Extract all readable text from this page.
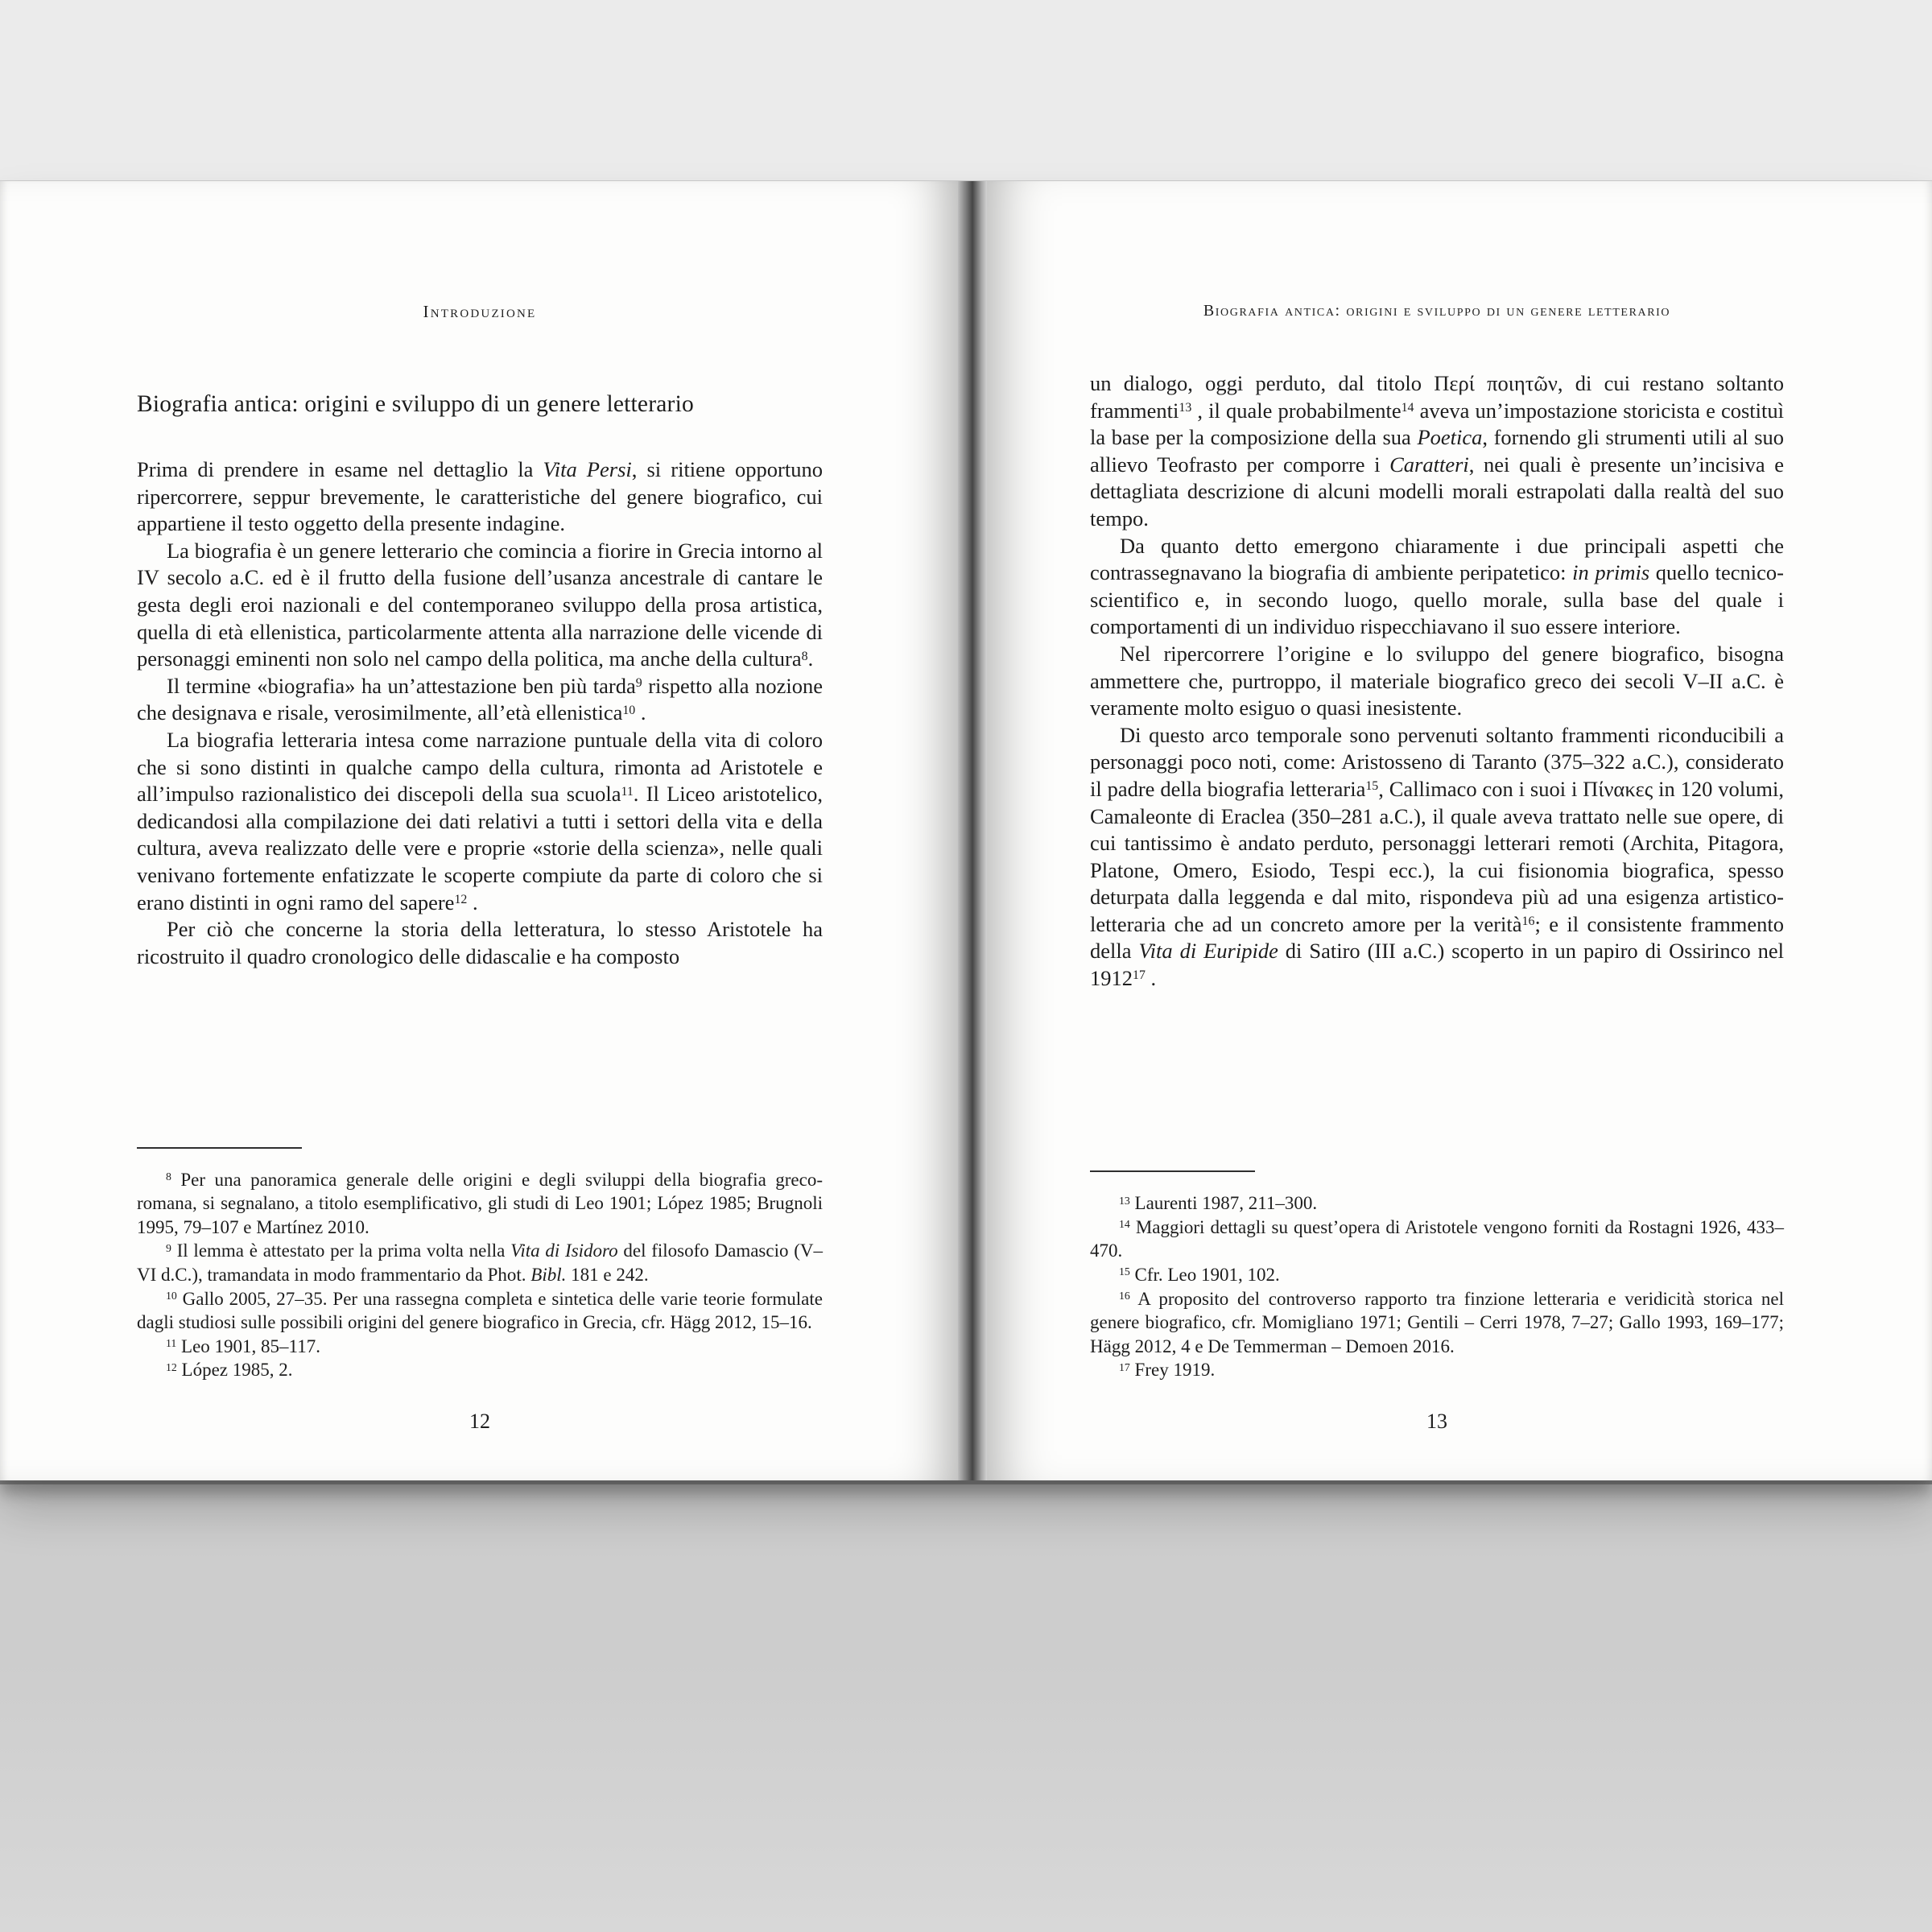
Introduzione
Biografia antica: origini e sviluppo di un genere letterario

Prima di prendere in esame nel dettaglio la Vita Persi, si ritiene opportuno ripercorrere, seppur brevemente, le caratteristiche del genere biografico, cui appartiene il testo oggetto della presente indagine.

La biografia è un genere letterario che comincia a fiorire in Grecia intorno al IV secolo a.C. ed è il frutto della fusione dell’usanza ancestrale di cantare le gesta degli eroi nazionali e del contemporaneo sviluppo della prosa artistica, quella di età ellenistica, particolarmente attenta alla narrazione delle vicende di personaggi eminenti non solo nel campo della politica, ma anche della cultura$^8$.

Il termine «biografia» ha un’attestazione ben più tarda$^9$ rispetto alla nozione che designava e risale, verosimilmente, all’età ellenistica$^{10}$ .

La biografia letteraria intesa come narrazione puntuale della vita di coloro che si sono distinti in qualche campo della cultura, rimonta ad Aristotele e all’impulso razionalistico dei discepoli della sua scuola$^{11}$. Il Liceo aristotelico, dedicandosi alla compilazione dei dati relativi a tutti i settori della vita e della cultura, aveva realizzato delle vere e proprie «storie della scienza», nelle quali venivano fortemente enfatizzate le scoperte compiute da parte di coloro che si erano distinti in ogni ramo del sapere$^{12}$ .

Per ciò che concerne la storia della letteratura, lo stesso Aristotele ha ricostruito il quadro cronologico delle didascalie e ha composto

$^8$ Per una panoramica generale delle origini e degli sviluppi della biografia greco-romana, si segnalano, a titolo esemplificativo, gli studi di Leo 1901; López 1985; Brugnoli 1995, 79–107 e Martínez 2010.

$^9$ Il lemma è attestato per la prima volta nella Vita di Isidoro del filosofo Damascio (V–VI d.C.), tramandata in modo frammentario da Phot. Bibl. 181 e 242.

$^{10}$ Gallo 2005, 27–35. Per una rassegna completa e sintetica delle varie teorie formulate dagli studiosi sulle possibili origini del genere biografico in Grecia, cfr. Hägg 2012, 15–16.

$^{11}$ Leo 1901, 85–117.

$^{12}$ López 1985, 2.

12
Biografia antica: origini e sviluppo di un genere letterario

un dialogo, oggi perduto, dal titolo Περί ποιητῶν, di cui restano soltanto frammenti$^{13}$ , il quale probabilmente$^{14}$ aveva un’impostazione storicista e costituì la base per la composizione della sua Poetica, fornendo gli strumenti utili al suo allievo Teofrasto per comporre i Caratteri, nei quali è presente un’incisiva e dettagliata descrizione di alcuni modelli morali estrapolati dalla realtà del suo tempo.

Da quanto detto emergono chiaramente i due principali aspetti che contrassegnavano la biografia di ambiente peripatetico: in primis quello tecnico-scientifico e, in secondo luogo, quello morale, sulla base del quale i comportamenti di un individuo rispecchiavano il suo essere interiore.

Nel ripercorrere l’origine e lo sviluppo del genere biografico, bisogna ammettere che, purtroppo, il materiale biografico greco dei secoli V–II a.C. è veramente molto esiguo o quasi inesistente.

Di questo arco temporale sono pervenuti soltanto frammenti riconducibili a personaggi poco noti, come: Aristosseno di Taranto (375–322 a.C.), considerato il padre della biografia letteraria$^{15}$, Callimaco con i suoi i Πίνακες in 120 volumi, Camaleonte di Eraclea (350–281 a.C.), il quale aveva trattato nelle sue opere, di cui tantissimo è andato perduto, personaggi letterari remoti (Archita, Pitagora, Platone, Omero, Esiodo, Tespi ecc.), la cui fisionomia biografica, spesso deturpata dalla leggenda e dal mito, rispondeva più ad una esigenza artistico-letteraria che ad un concreto amore per la verità$^{16}$; e il consistente frammento della Vita di Euripide di Satiro (III a.C.) scoperto in un papiro di Ossirinco nel 1912$^{17}$ .

$^{13}$ Laurenti 1987, 211–300.

$^{14}$ Maggiori dettagli su quest’opera di Aristotele vengono forniti da Rostagni 1926, 433–470.

$^{15}$ Cfr. Leo 1901, 102.

$^{16}$ A proposito del controverso rapporto tra finzione letteraria e veridicità storica nel genere biografico, cfr. Momigliano 1971; Gentili – Cerri 1978, 7–27; Gallo 1993, 169–177; Hägg 2012, 4 e De Temmerman – Demoen 2016.

$^{17}$ Frey 1919.

13
